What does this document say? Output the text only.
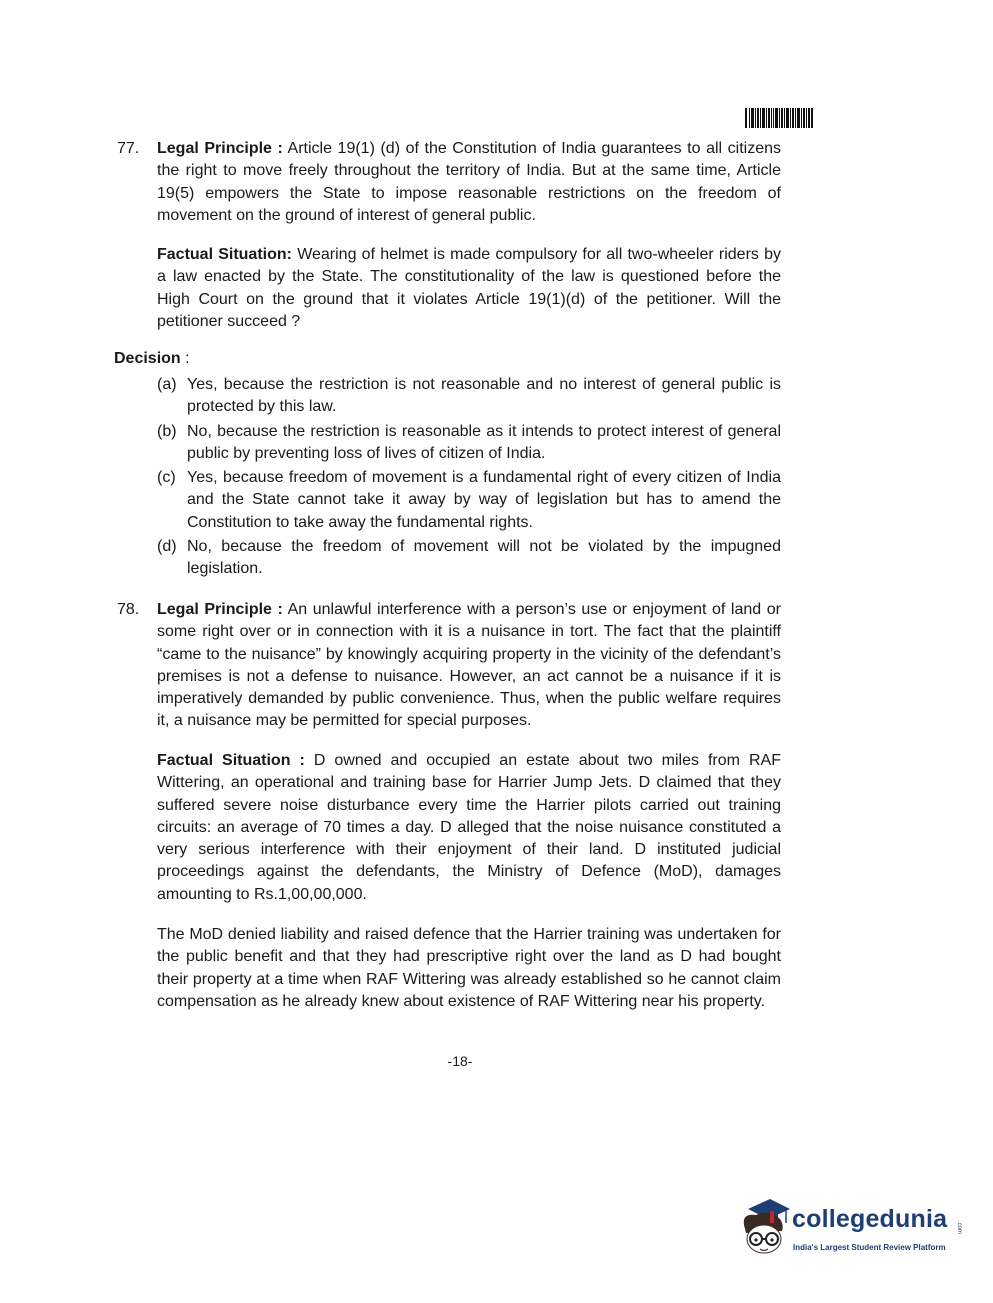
77. Legal Principle : Article 19(1) (d) of the Constitution of India guarantees to all citizens the right to move freely throughout the territory of India. But at the same time, Article 19(5) empowers the State to impose reasonable restrictions on the freedom of movement on the ground of interest of general public.
Factual Situation: Wearing of helmet is made compulsory for all two-wheeler riders by a law enacted by the State. The constitutionality of the law is questioned before the High Court on the ground that it violates Article 19(1)(d) of the petitioner. Will the petitioner succeed ?
Decision :
(a) Yes, because the restriction is not reasonable and no interest of general public is protected by this law.
(b) No, because the restriction is reasonable as it intends to protect interest of general public by preventing loss of lives of citizen of India.
(c) Yes, because freedom of movement is a fundamental right of every citizen of India and the State cannot take it away by way of legislation but has to amend the Constitution to take away the fundamental rights.
(d) No, because the freedom of movement will not be violated by the impugned legislation.
78. Legal Principle : An unlawful interference with a person’s use or enjoyment of land or some right over or in connection with it is a nuisance in tort. The fact that the plaintiff “came to the nuisance” by knowingly acquiring property in the vicinity of the defendant’s premises is not a defense to nuisance. However, an act cannot be a nuisance if it is imperatively demanded by public convenience. Thus, when the public welfare requires it, a nuisance may be permitted for special purposes.
Factual Situation : D owned and occupied an estate about two miles from RAF Wittering, an operational and training base for Harrier Jump Jets. D claimed that they suffered severe noise disturbance every time the Harrier pilots carried out training circuits: an average of 70 times a day. D alleged that the noise nuisance constituted a very serious interference with their enjoyment of their land. D instituted judicial proceedings against the defendants, the Ministry of Defence (MoD), damages amounting to Rs.1,00,00,000.
The MoD denied liability and raised defence that the Harrier training was undertaken for the public benefit and that they had prescriptive right over the land as D had bought their property at a time when RAF Wittering was already established so he cannot claim compensation as he already knew about existence of RAF Wittering near his property.
-18-
collegedunia .com
India's Largest Student Review Platform
